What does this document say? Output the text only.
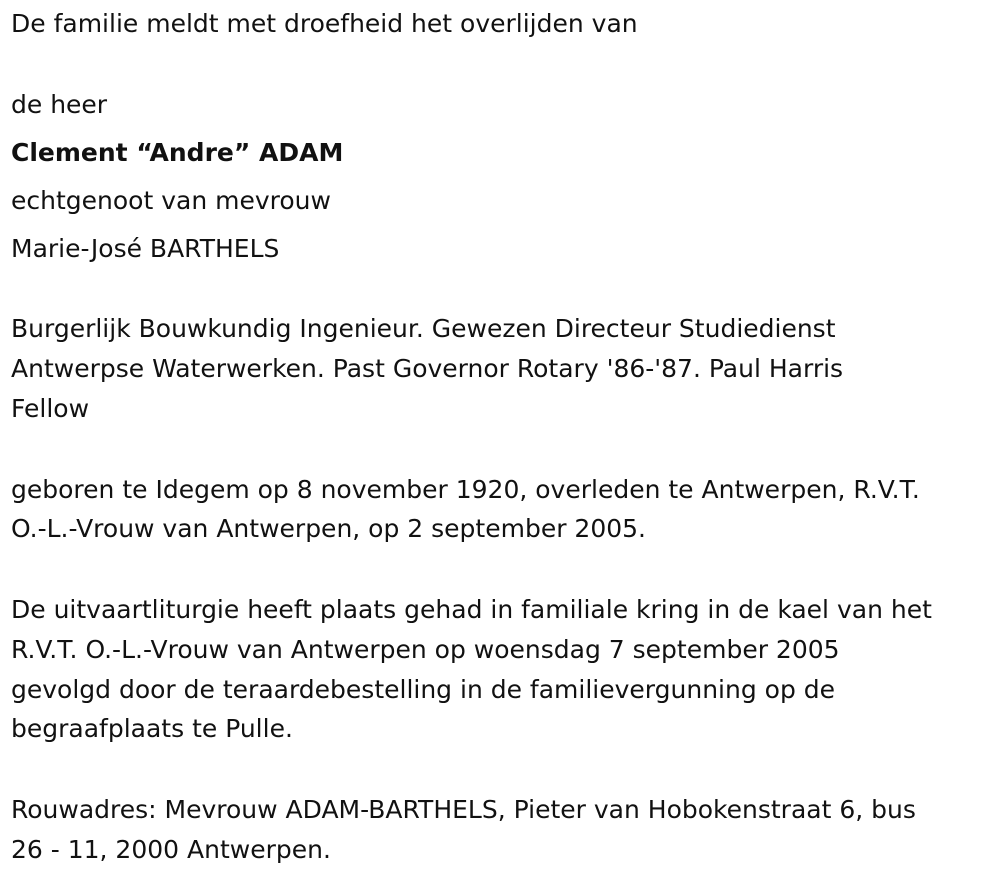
De familie meldt met droefheid het overlijden van
de heer
Clement “Andre” ADAM
echtgenoot van mevrouw
Marie-José BARTHELS
Burgerlijk Bouwkundig Ingenieur. Gewezen Directeur Studiedienst
Antwerpse Waterwerken. Past Governor Rotary '86-'87. Paul Harris
Fellow
geboren te Idegem op 8 november 1920, overleden te Antwerpen, R.V.T.
O.-L.-Vrouw van Antwerpen, op 2 september 2005.
De uitvaartliturgie heeft plaats gehad in familiale kring in de kael van het
R.V.T. O.-L.-Vrouw van Antwerpen op woensdag 7 september 2005
gevolgd door de teraardebestelling in de familievergunning op de
begraafplaats te Pulle.
Rouwadres: Mevrouw ADAM-BARTHELS, Pieter van Hobokenstraat 6, bus
26 - 11, 2000 Antwerpen.
